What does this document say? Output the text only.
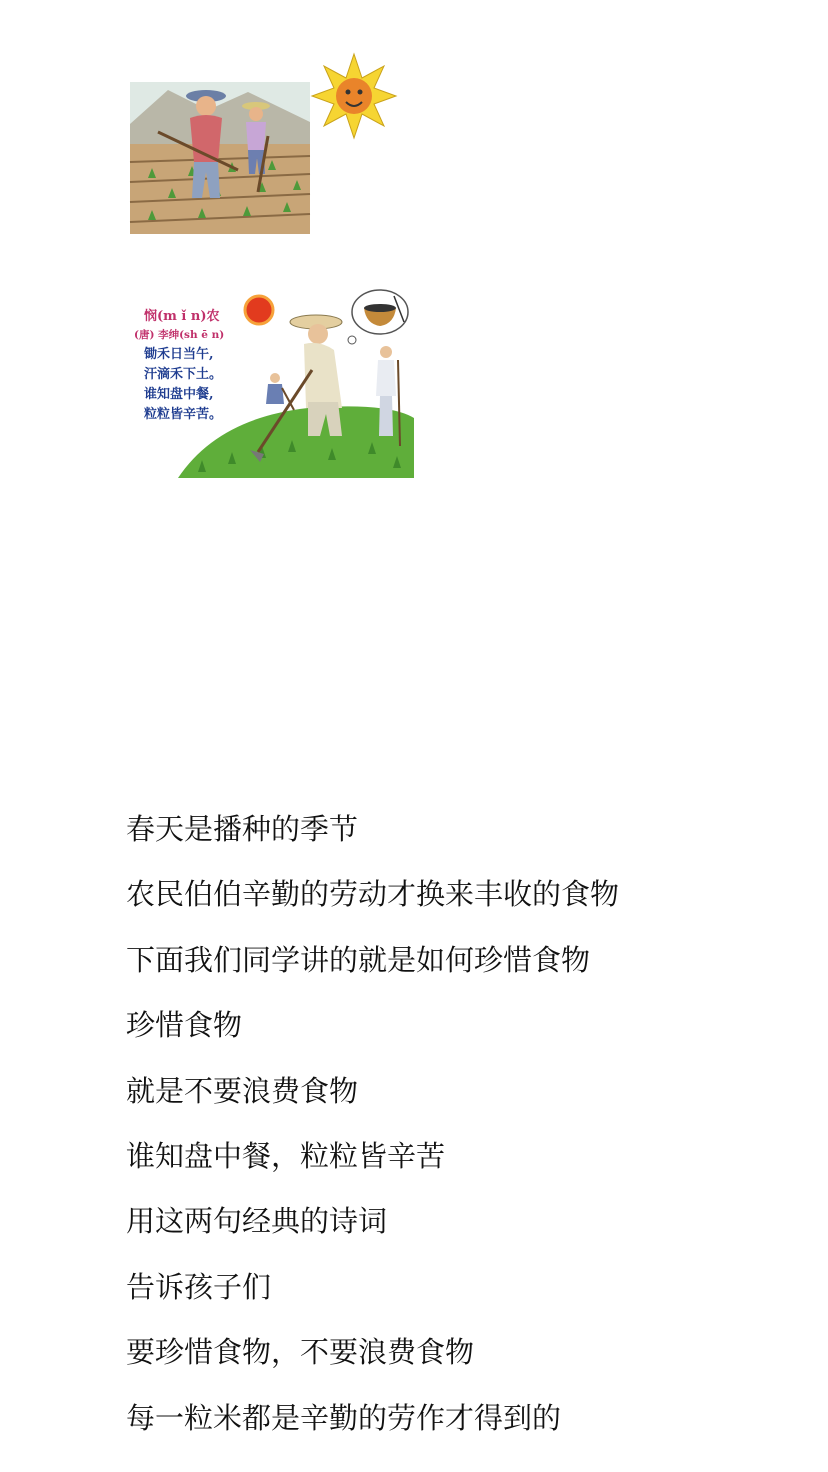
悯(m ǐ n)农
(唐) 李绅(sh ē n)
锄禾日当午,
汗滴禾下土。
谁知盘中餐,
粒粒皆辛苦。
春天是播种的季节
农民伯伯辛勤的劳动才换来丰收的食物
下面我们同学讲的就是如何珍惜食物
珍惜食物
就是不要浪费食物
谁知盘中餐，粒粒皆辛苦
用这两句经典的诗词
告诉孩子们
要珍惜食物，不要浪费食物
每一粒米都是辛勤的劳作才得到的
